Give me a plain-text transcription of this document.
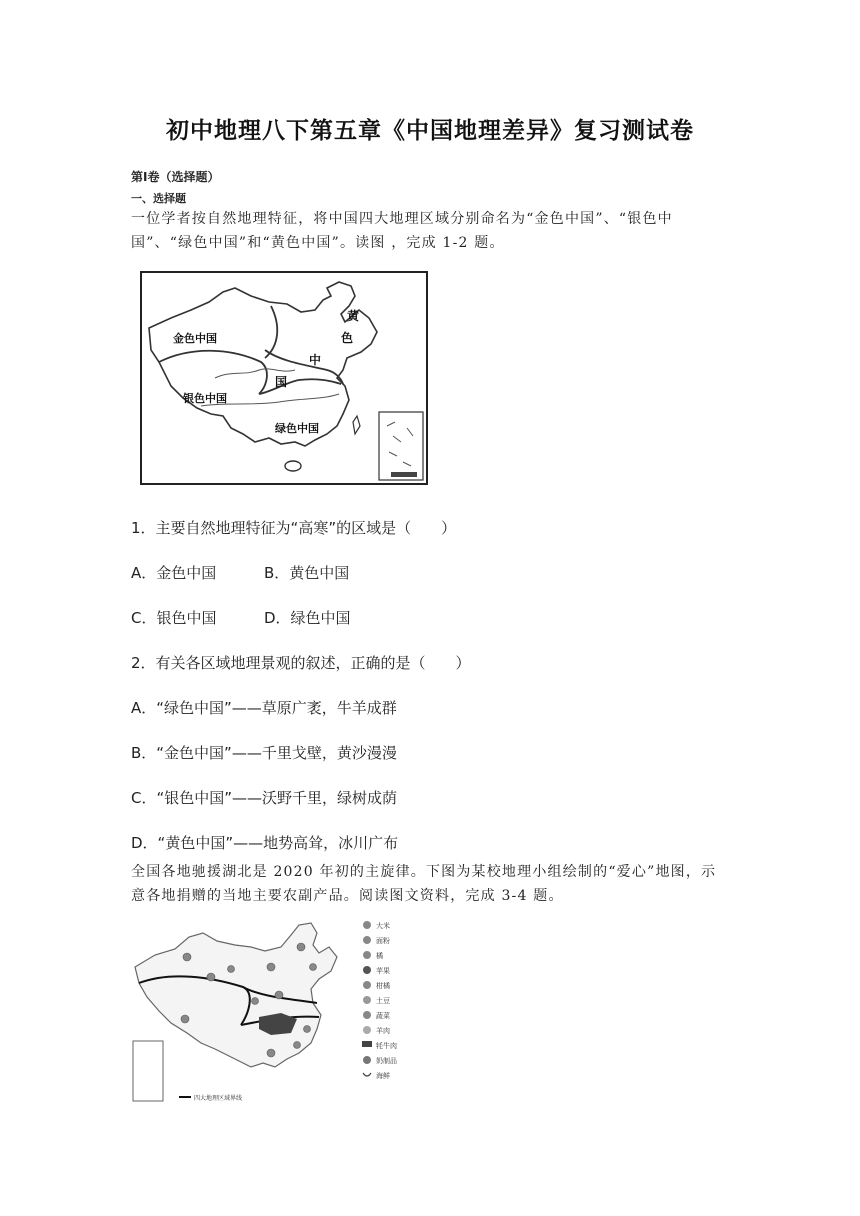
初中地理八下第五章《中国地理差异》复习测试卷
第Ⅰ卷（选择题）
一、选择题
一位学者按自然地理特征，将中国四大地理区域分别命名为“金色中国”、“银色中国”、“绿色中国”和“黄色中国”。读图 ，完成 1-2 题。
金色中国
银色中国
绿色中国
黄
色
中
国
1．主要自然地理特征为“高寒”的区域是（　　）
A．金色中国	B．黄色中国
C．银色中国	D．绿色中国
2．有关各区域地理景观的叙述，正确的是（　　）
A．“绿色中国”——草原广袤，牛羊成群
B．“金色中国”——千里戈壁，黄沙漫漫
C．“银色中国”——沃野千里，绿树成荫
D．“黄色中国”——地势高耸，冰川广布
全国各地驰援湖北是 2020 年初的主旋律。下图为某校地理小组绘制的“爱心”地图，示意各地捐赠的当地主要农副产品。阅读图文资料，完成 3-4 题。
四大地理区域界线
大米
面粉
橘
苹果
柑橘
土豆
蔬菜
羊肉
牦牛肉
奶制品
海鲜
